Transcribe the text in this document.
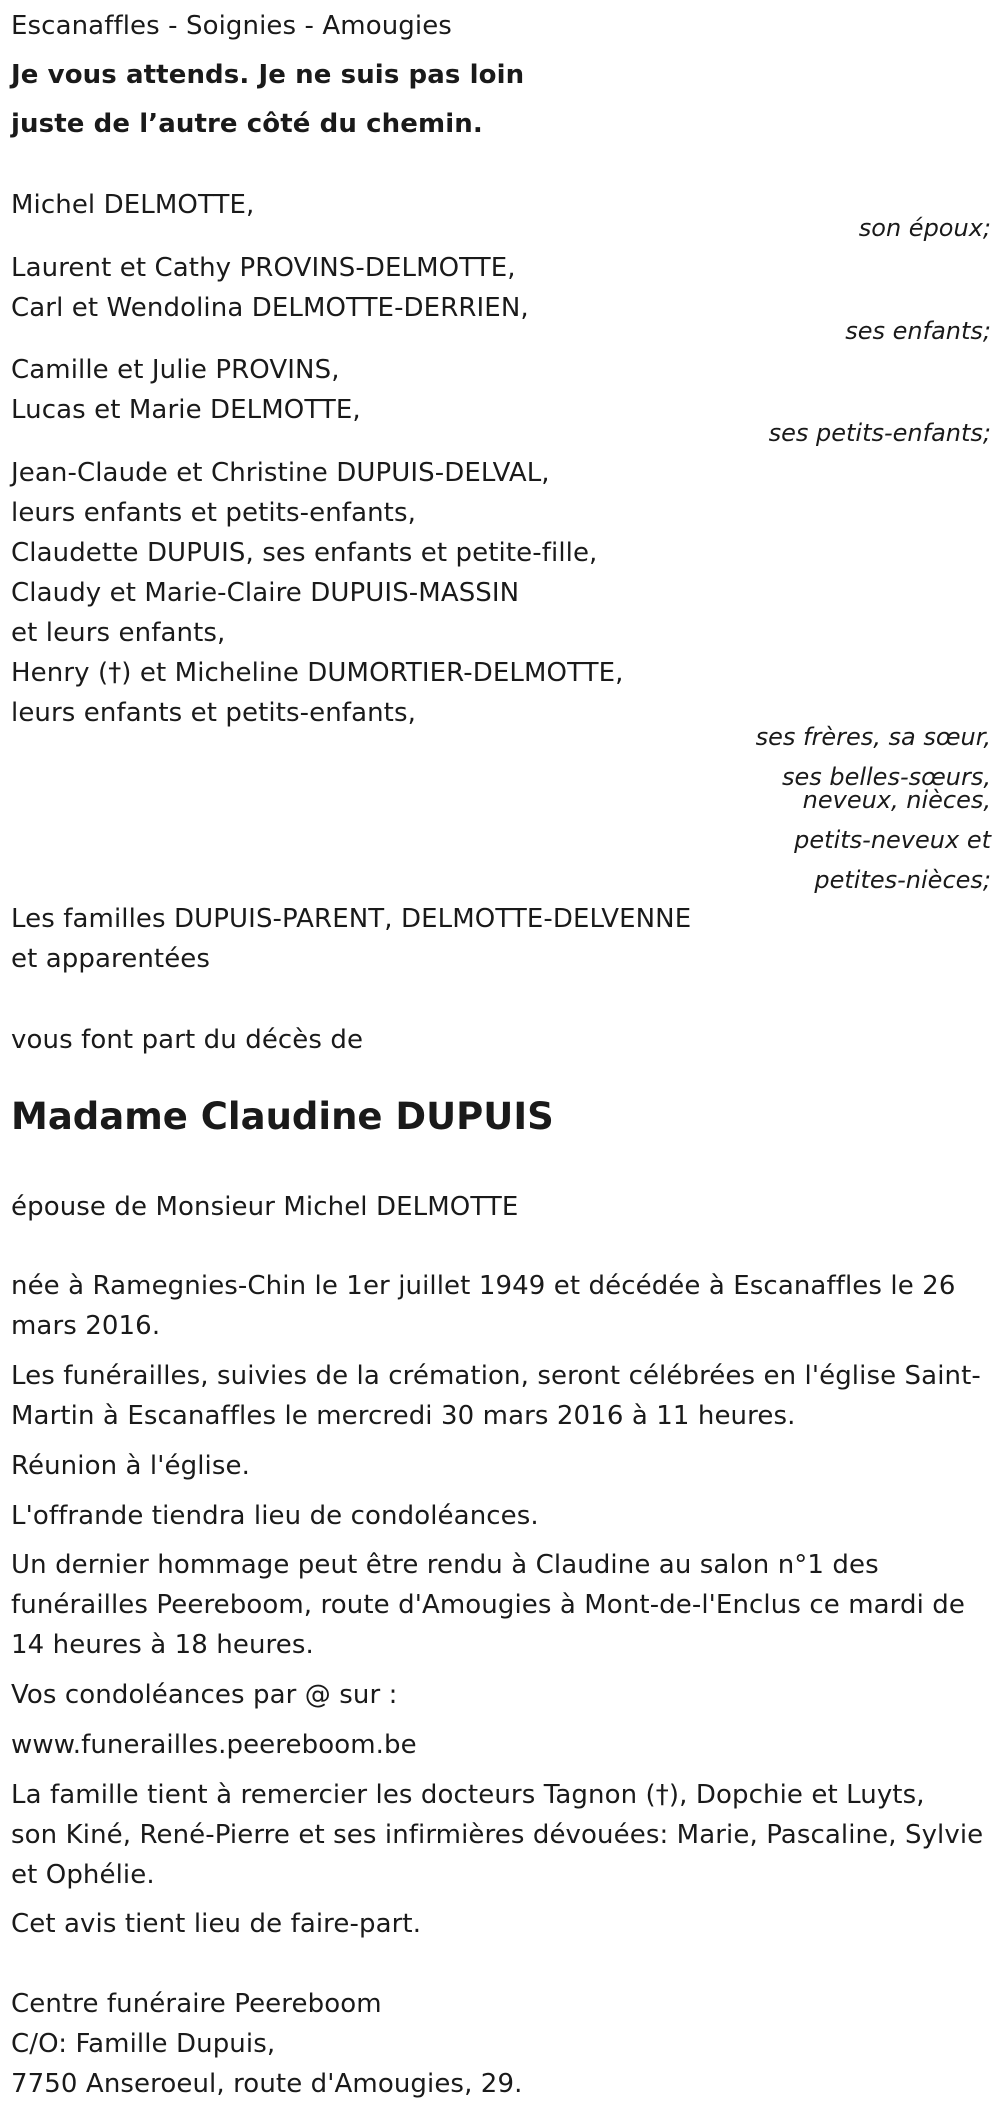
Escanaffles - Soignies - Amougies
Je vous attends. Je ne suis pas loin
juste de l’autre côté du chemin.
Michel DELMOTTE,
son époux;
Laurent et Cathy PROVINS-DELMOTTE,
Carl et Wendolina DELMOTTE-DERRIEN,
ses enfants;
Camille et Julie PROVINS,
Lucas et Marie DELMOTTE,
ses petits-enfants;
Jean-Claude et Christine DUPUIS-DELVAL,
leurs enfants et petits-enfants,
Claudette DUPUIS, ses enfants et petite-fille,
Claudy et Marie-Claire DUPUIS-MASSIN
et leurs enfants,
Henry (†) et Micheline DUMORTIER-DELMOTTE,
leurs enfants et petits-enfants,
ses frères, sa sœur,
ses belles-sœurs,
neveux, nièces,
petits-neveux et
petites-nièces;
Les familles DUPUIS-PARENT, DELMOTTE-DELVENNE
et apparentées
vous font part du décès de
Madame Claudine DUPUIS
épouse de Monsieur Michel DELMOTTE
née à Ramegnies-Chin le 1er juillet 1949 et décédée à Escanaffles le 26
mars 2016.
Les funérailles, suivies de la crémation, seront célébrées en l'église Saint-
Martin à Escanaffles le mercredi 30 mars 2016 à 11 heures.
Réunion à l'église.
L'offrande tiendra lieu de condoléances.
Un dernier hommage peut être rendu à Claudine au salon n°1 des
funérailles Peereboom, route d'Amougies à Mont-de-l'Enclus ce mardi de
14 heures à 18 heures.
Vos condoléances par @ sur :
www.funerailles.peereboom.be
La famille tient à remercier les docteurs Tagnon (†), Dopchie et Luyts,
son Kiné, René-Pierre et ses infirmières dévouées: Marie, Pascaline, Sylvie
et Ophélie.
Cet avis tient lieu de faire-part.
Centre funéraire Peereboom
C/O: Famille Dupuis,
7750 Anseroeul, route d'Amougies, 29.
